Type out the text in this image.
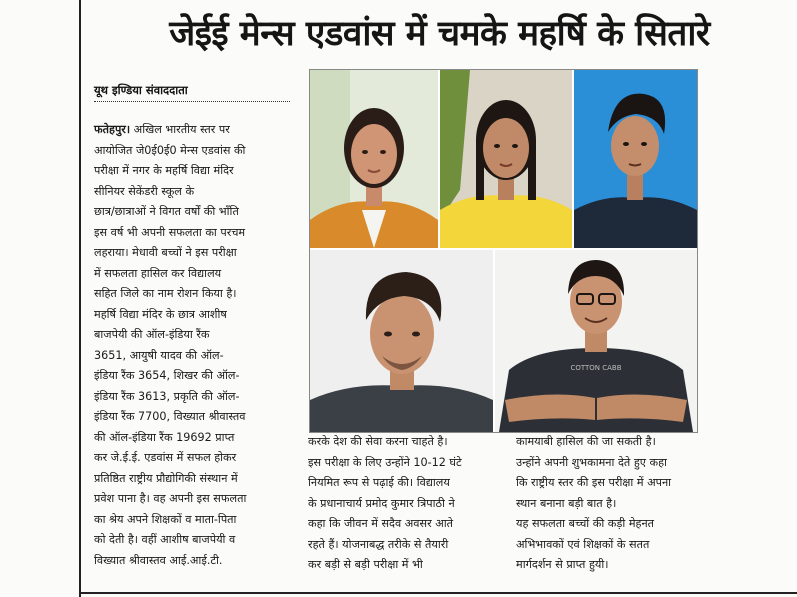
जेईई मेन्स एडवांस में चमके महर्षि के सितारे
यूथ इण्डिया संवाददाता

फतेहपुर। अखिल भारतीय स्तर पर

आयोजित जे0ई0ई0 मेन्स एडवांस की

परीक्षा में नगर के महर्षि विद्या मंदिर

सीनियर सेकेंडरी स्कूल के

छात्र/छात्राओं ने विगत वर्षों की भाँति

इस वर्ष भी अपनी सफलता का परचम

लहराया। मेधावी बच्चों ने इस परीक्षा

में सफलता हासिल कर विद्यालय

सहित जिले का नाम रोशन किया है।

महर्षि विद्या मंदिर के छात्र आशीष

बाजपेयी की ऑल-इंडिया रैंक

3651, आयुषी यादव की ऑल-

इंडिया रैंक 3654, शिखर की ऑल-

इंडिया रैंक 3613, प्रकृति की ऑल-

इंडिया रैंक 7700, विख्यात श्रीवास्तव

की ऑल-इंडिया रैंक 19692 प्राप्त

कर जे.ई.ई. एडवांस में सफल होकर

प्रतिष्ठित राष्ट्रीय प्रौद्योगिकी संस्थान में

प्रवेश पाना है। वह अपनी इस सफलता

का श्रेय अपने शिक्षकों व माता-पिता

को देती है। वहीं आशीष बाजपेयी व

विख्यात श्रीवास्तव आई.आई.टी.

COTTON CABB

करके देश की सेवा करना चाहते है।

इस परीक्षा के लिए उन्होंने 10-12 घंटे

नियमित रूप से पढ़ाई की। विद्यालय

के प्रधानाचार्य प्रमोद कुमार त्रिपाठी ने

कहा कि जीवन में सदैव अवसर आते

रहते हैं। योजनाबद्ध तरीके से तैयारी

कर बड़ी से बड़ी परीक्षा में भी

कामयाबी हासिल की जा सकती है।

उन्होंने अपनी शुभकामना देते हुए कहा

कि राष्ट्रीय स्तर की इस परीक्षा में अपना

स्थान बनाना बड़ी बात है।

यह सफलता बच्चों की कड़ी मेहनत

अभिभावकों एवं शिक्षकों के सतत

मार्गदर्शन से प्राप्त हुयी।
